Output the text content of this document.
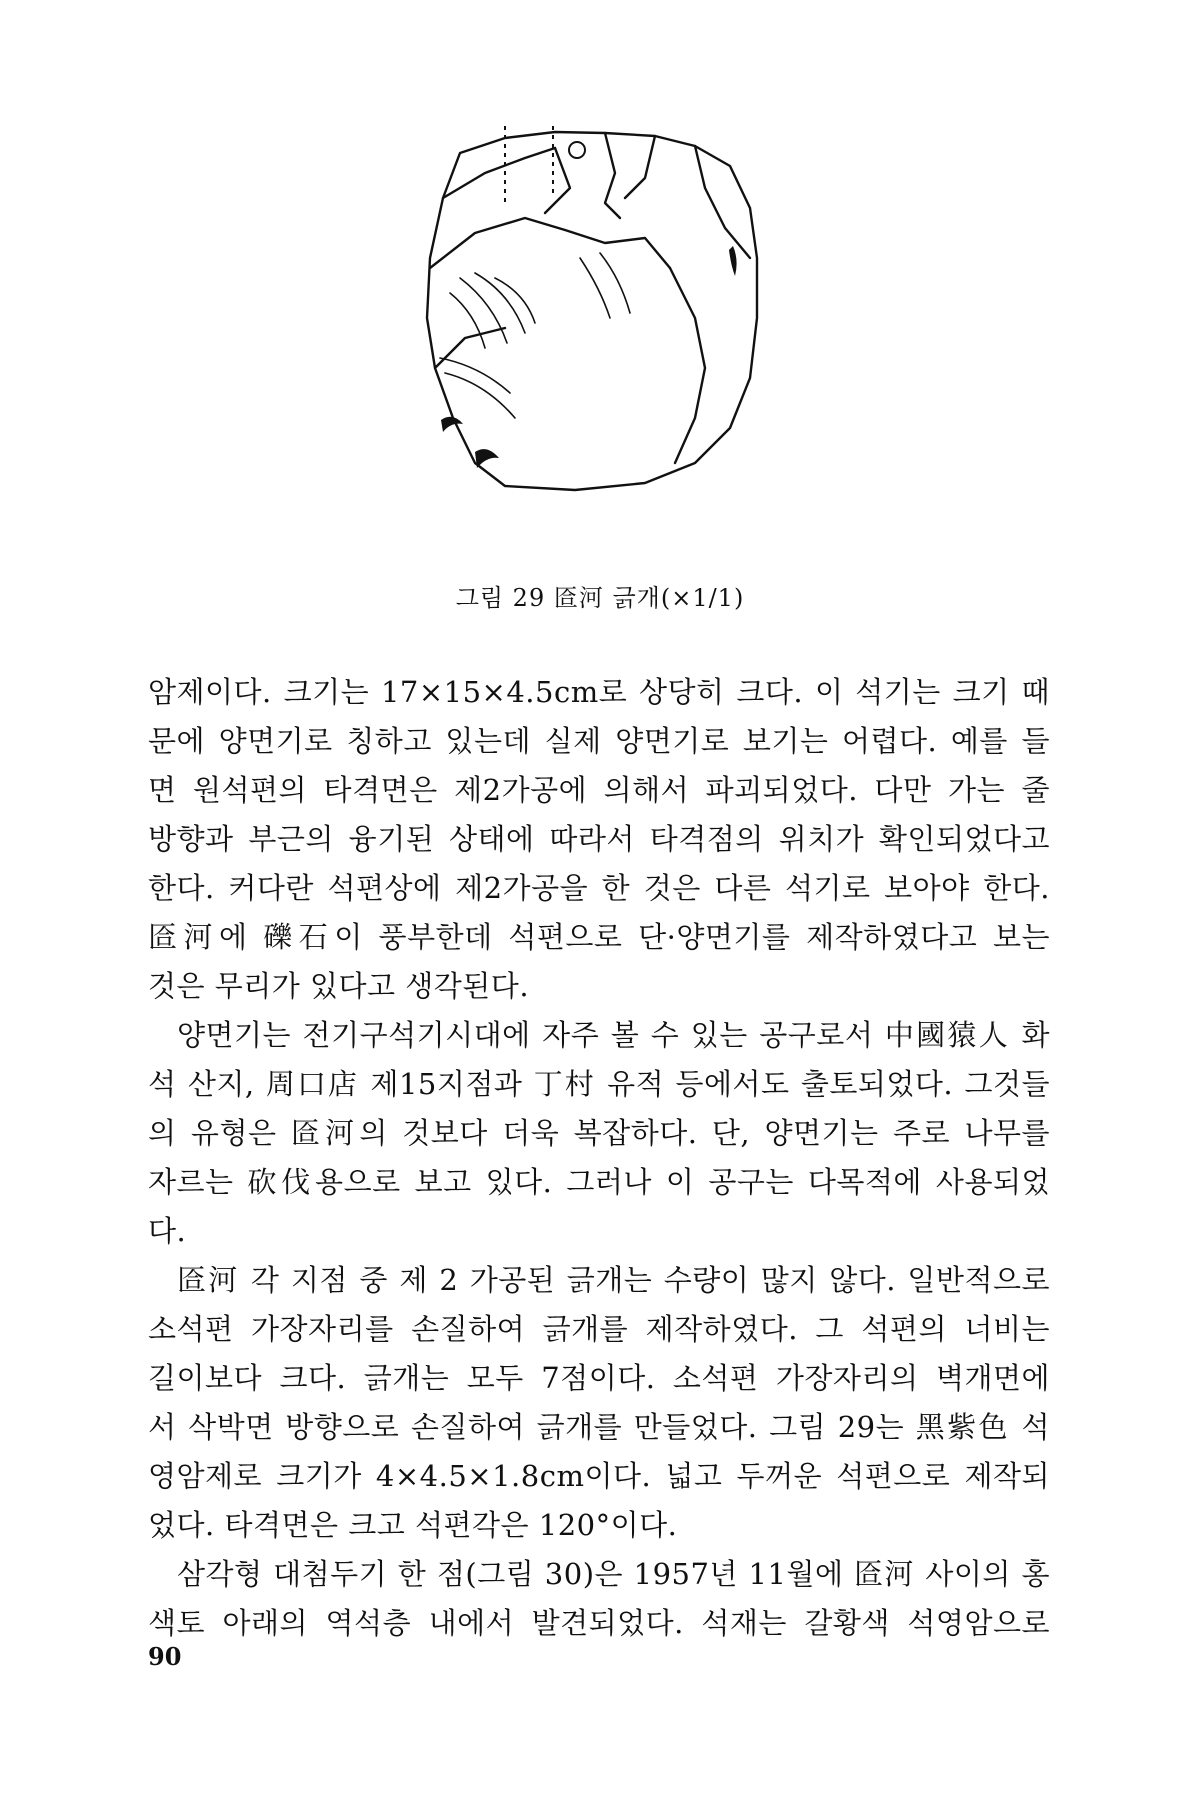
그림 29 匼河 긁개(×1/1)
암제이다. 크기는 17×15×4.5cm로 상당히 크다. 이 석기는 크기 때
문에 양면기로 칭하고 있는데 실제 양면기로 보기는 어렵다. 예를 들
면 원석편의 타격면은 제2가공에 의해서 파괴되었다. 다만 가는 줄
방향과 부근의 융기된 상태에 따라서 타격점의 위치가 확인되었다고
한다. 커다란 석편상에 제2가공을 한 것은 다른 석기로 보아야 한다.
匼河에 礫石이 풍부한데 석편으로 단·양면기를 제작하였다고 보는
것은 무리가 있다고 생각된다.
양면기는 전기구석기시대에 자주 볼 수 있는 공구로서 中國猿人 화
석 산지, 周口店 제15지점과 丁村 유적 등에서도 출토되었다. 그것들
의 유형은 匼河의 것보다 더욱 복잡하다. 단, 양면기는 주로 나무를
자르는 砍伐용으로 보고 있다. 그러나 이 공구는 다목적에 사용되었
다.
匼河 각 지점 중 제 2 가공된 긁개는 수량이 많지 않다. 일반적으로
소석편 가장자리를 손질하여 긁개를 제작하였다. 그 석편의 너비는
길이보다 크다. 긁개는 모두 7점이다. 소석편 가장자리의 벽개면에
서 삭박면 방향으로 손질하여 긁개를 만들었다. 그림 29는 黑紫色 석
영암제로 크기가 4×4.5×1.8cm이다. 넓고 두꺼운 석편으로 제작되
었다. 타격면은 크고 석편각은 120°이다.
삼각형 대첨두기 한 점(그림 30)은 1957년 11월에 匼河 사이의 홍
색토 아래의 역석층 내에서 발견되었다. 석재는 갈황색 석영암으로
90
